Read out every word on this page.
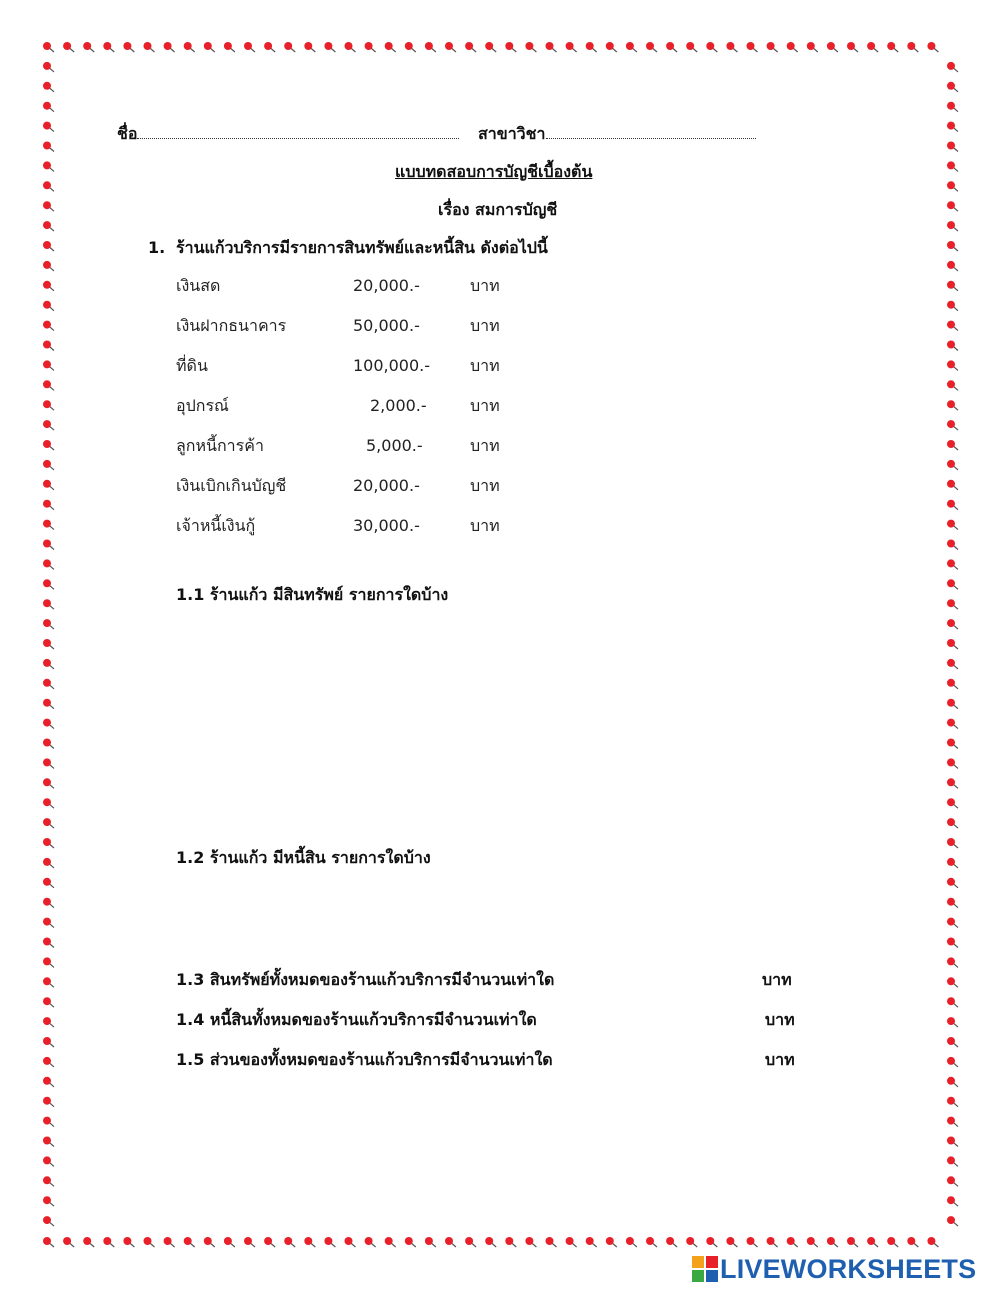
ชื่อ	สาขาวิชา
แบบทดสอบการบัญชีเบื้องต้น
เรื่อง สมการบัญชี
1. ร้านแก้วบริการมีรายการสินทรัพย์และหนี้สิน ดังต่อไปนี้
เงินสด	20,000.-	บาท
เงินฝากธนาคาร	50,000.-	บาท
ที่ดิน	100,000.- บาท
อุปกรณ์	2,000.-	บาท
ลูกหนี้การค้า	5,000.-	บาท
เงินเบิกเกินบัญชี	20,000.-	บาท
เจ้าหนี้เงินกู้	30,000.-	บาท
1.1 ร้านแก้ว มีสินทรัพย์ รายการใดบ้าง
1.2 ร้านแก้ว มีหนี้สิน รายการใดบ้าง
1.3 สินทรัพย์ทั้งหมดของร้านแก้วบริการมีจำนวนเท่าใด	บาท
1.4 หนี้สินทั้งหมดของร้านแก้วบริการมีจำนวนเท่าใด	บาท
1.5 ส่วนของทั้งหมดของร้านแก้วบริการมีจำนวนเท่าใด	บาท
LIVEWORKSHEETS
